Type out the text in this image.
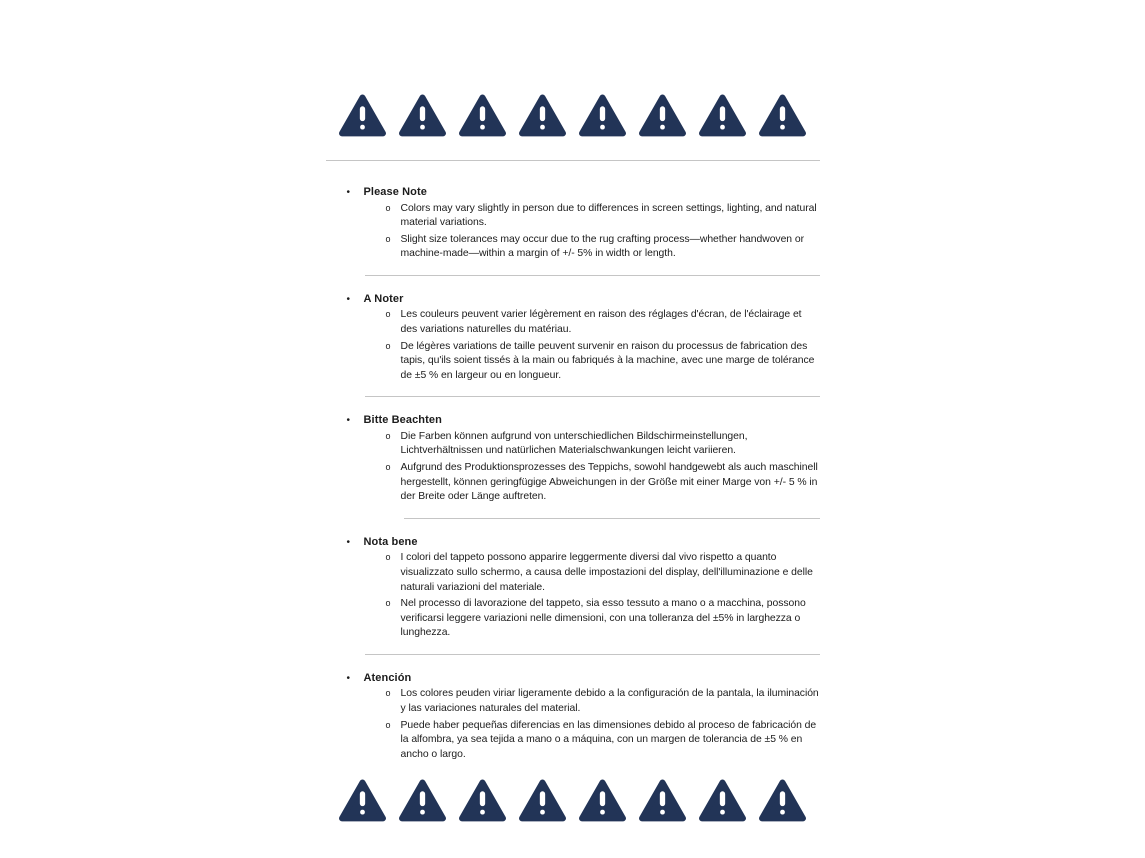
•	Please Note
o Colors may vary slightly in person due to differences in screen settings, lighting, and natural material variations.

o Slight size tolerances may occur due to the rug crafting process—whether handwoven or machine-made—within a margin of +/- 5% in width or length.

•	A Noter
o Les couleurs peuvent varier légèrement en raison des réglages d'écran, de l'éclairage et des variations naturelles du matériau.

o De légères variations de taille peuvent survenir en raison du processus de fabrication des tapis, qu'ils soient tissés à la main ou fabriqués à la machine, avec une marge de tolérance de ±5 % en largeur ou en longueur.

•	Bitte Beachten
o Die Farben können aufgrund von unterschiedlichen Bildschirmeinstellungen, Lichtverhältnissen und natürlichen Materialschwankungen leicht variieren.

o Aufgrund des Produktionsprozesses des Teppichs, sowohl handgewebt als auch maschinell hergestellt, können geringfügige Abweichungen in der Größe mit einer Marge von +/- 5 % in der Breite oder Länge auftreten.

•	Nota bene
o I colori del tappeto possono apparire leggermente diversi dal vivo rispetto a quanto visualizzato sullo schermo, a causa delle impostazioni del display, dell'illuminazione e delle naturali variazioni del materiale.

o Nel processo di lavorazione del tappeto, sia esso tessuto a mano o a macchina, possono verificarsi leggere variazioni nelle dimensioni, con una tolleranza del ±5% in larghezza o lunghezza.

•	Atención
o Los colores peuden viriar ligeramente debido a la configuración de la pantala, la iluminación y las variaciones naturales del material.

o Puede haber pequeñas diferencias en las dimensiones debido al proceso de fabricación de la alfombra, ya sea tejida a mano o a máquina, con un margen de tolerancia de ±5 % en ancho o largo.
